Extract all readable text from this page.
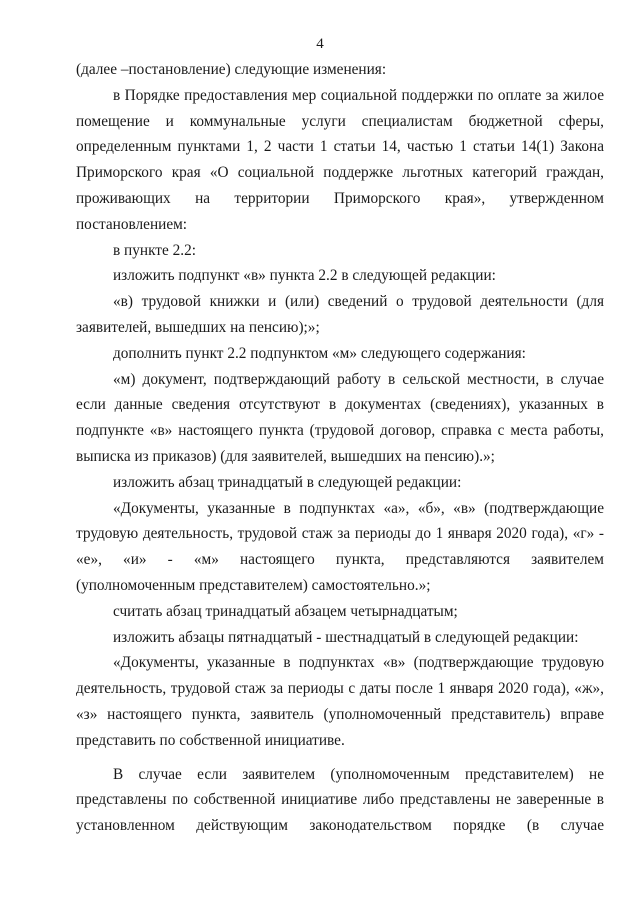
4

(далее –постановление) следующие изменения:

в Порядке предоставления мер социальной поддержки по оплате за жилое помещение и коммунальные услуги специалистам бюджетной сферы, определенным пунктами 1, 2 части 1 статьи 14, частью 1 статьи 14(1) Закона Приморского края «О социальной поддержке льготных категорий граждан, проживающих на территории Приморского края», утвержденном постановлением:

в пункте 2.2:

изложить подпункт «в» пункта 2.2 в следующей редакции:

«в) трудовой книжки и (или) сведений о трудовой деятельности (для заявителей, вышедших на пенсию);»;

дополнить пункт 2.2 подпунктом «м» следующего содержания:

«м) документ, подтверждающий работу в сельской местности, в случае если данные сведения отсутствуют в документах (сведениях), указанных в подпункте «в» настоящего пункта (трудовой договор, справка с места работы, выписка из приказов) (для заявителей, вышедших на пенсию).»;

изложить абзац тринадцатый в следующей редакции:

«Документы, указанные в подпунктах «а», «б», «в» (подтверждающие трудовую деятельность, трудовой стаж за периоды до 1 января 2020 года), «г» - «е», «и» - «м» настоящего пункта, представляются заявителем (уполномоченным представителем) самостоятельно.»;

считать абзац тринадцатый абзацем четырнадцатым;

изложить абзацы пятнадцатый - шестнадцатый в следующей редакции:

«Документы, указанные в подпунктах «в» (подтверждающие трудовую деятельность, трудовой стаж за периоды с даты после 1 января 2020 года), «ж», «з» настоящего пункта, заявитель (уполномоченный представитель) вправе представить по собственной инициативе.

В случае если заявителем (уполномоченным представителем) не представлены по собственной инициативе либо представлены не заверенные в установленном действующим законодательством порядке (в случае
